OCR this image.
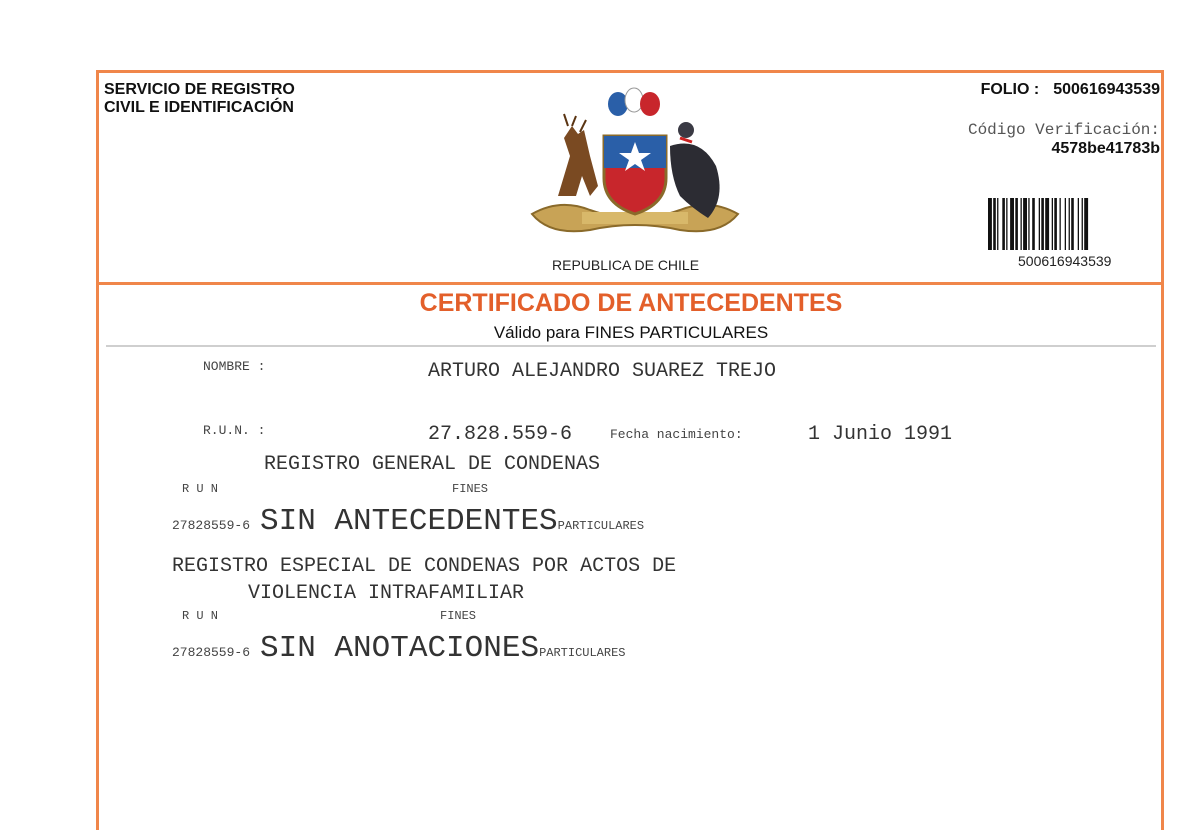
SERVICIO DE REGISTRO
CIVIL E IDENTIFICACIÓN
REPUBLICA DE CHILE
FOLIO : 500616943539
Código Verificación:
4578be41783b
500616943539
CERTIFICADO DE ANTECEDENTES
Válido para FINES PARTICULARES
NOMBRE :	ARTURO ALEJANDRO SUAREZ TREJO
R.U.N. :	27.828.559-6	Fecha nacimiento:	1 Junio 1991
REGISTRO GENERAL DE CONDENAS
R U N	FINES
27828559-6 SIN ANTECEDENTES PARTICULARES
REGISTRO ESPECIAL DE CONDENAS POR ACTOS DE
VIOLENCIA INTRAFAMILIAR
R U N	FINES
27828559-6 SIN ANOTACIONES PARTICULARES
